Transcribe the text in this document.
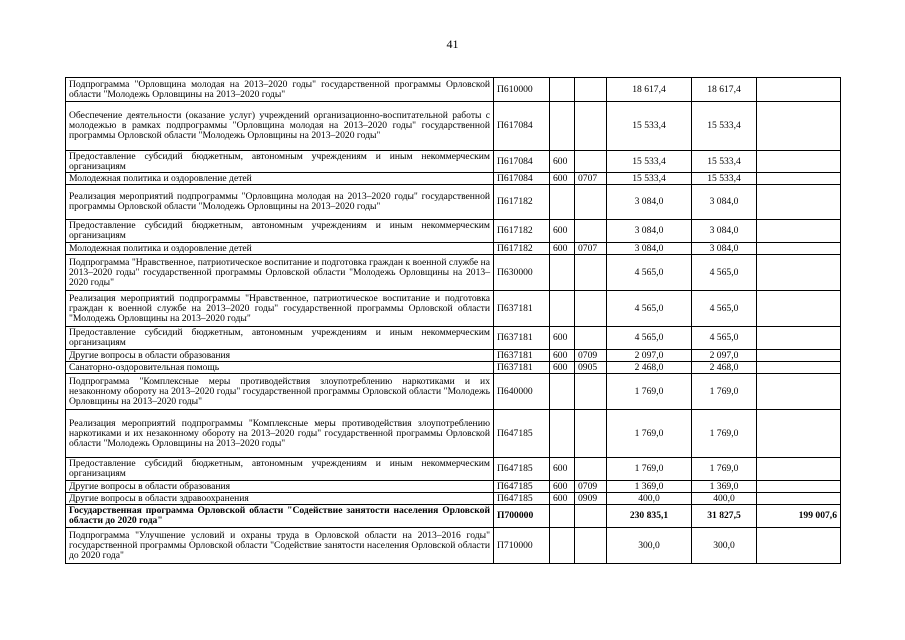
41
Подпрограмма "Орловщина молодая на 2013–2020 годы" государственной программы Орловской области "Молодежь Орловщины на 2013–2020 годы"	П610000			18 617,4	18 617,4	
Обеспечение деятельности (оказание услуг) учреждений организационно-воспитательной работы с молодежью в рамках подпрограммы "Орловщина молодая на 2013–2020 годы" государственной программы Орловской области "Молодежь Орловщины на 2013–2020 годы"	П617084			15 533,4	15 533,4	
Предоставление субсидий бюджетным, автономным учреждениям и иным некоммерческим организациям	П617084	600		15 533,4	15 533,4	
Молодежная политика и оздоровление детей	П617084	600	0707	15 533,4	15 533,4	
Реализация мероприятий подпрограммы "Орловщина молодая на 2013–2020 годы" государственной программы Орловской области "Молодежь Орловщины на 2013–2020 годы"	П617182			3 084,0	3 084,0	
Предоставление субсидий бюджетным, автономным учреждениям и иным некоммерческим организациям	П617182	600		3 084,0	3 084,0	
Молодежная политика и оздоровление детей	П617182	600	0707	3 084,0	3 084,0	
Подпрограмма "Нравственное, патриотическое воспитание и подготовка граждан к военной службе на 2013–2020 годы" государственной программы Орловской области "Молодежь Орловщины на 2013–2020 годы"	П630000			4 565,0	4 565,0	
Реализация мероприятий подпрограммы "Нравственное, патриотическое воспитание и подготовка граждан к военной службе на 2013–2020 годы" государственной программы Орловской области "Молодежь Орловщины на 2013–2020 годы"	П637181			4 565,0	4 565,0	
Предоставление субсидий бюджетным, автономным учреждениям и иным некоммерческим организациям	П637181	600		4 565,0	4 565,0	
Другие вопросы в области образования	П637181	600	0709	2 097,0	2 097,0	
Санаторно-оздоровительная помощь	П637181	600	0905	2 468,0	2 468,0	
Подпрограмма "Комплексные меры противодействия злоупотреблению наркотиками и их незаконному обороту на 2013–2020 годы" государственной программы Орловской области "Молодежь Орловщины на 2013–2020 годы"	П640000			1 769,0	1 769,0	
Реализация мероприятий подпрограммы "Комплексные меры противодействия злоупотреблению наркотиками и их незаконному обороту на 2013–2020 годы" государственной программы Орловской области "Молодежь Орловщины на 2013–2020 годы"	П647185			1 769,0	1 769,0	
Предоставление субсидий бюджетным, автономным учреждениям и иным некоммерческим организациям	П647185	600		1 769,0	1 769,0	
Другие вопросы в области образования	П647185	600	0709	1 369,0	1 369,0	
Другие вопросы в области здравоохранения	П647185	600	0909	400,0	400,0	
Государственная программа Орловской области "Содействие занятости населения Орловской области до 2020 года"	П700000			230 835,1	31 827,5	199 007,6
Подпрограмма "Улучшение условий и охраны труда в Орловской области на 2013–2016 годы" государственной программы Орловской области "Содействие занятости населения Орловской области до 2020 года"	П710000			300,0	300,0	
